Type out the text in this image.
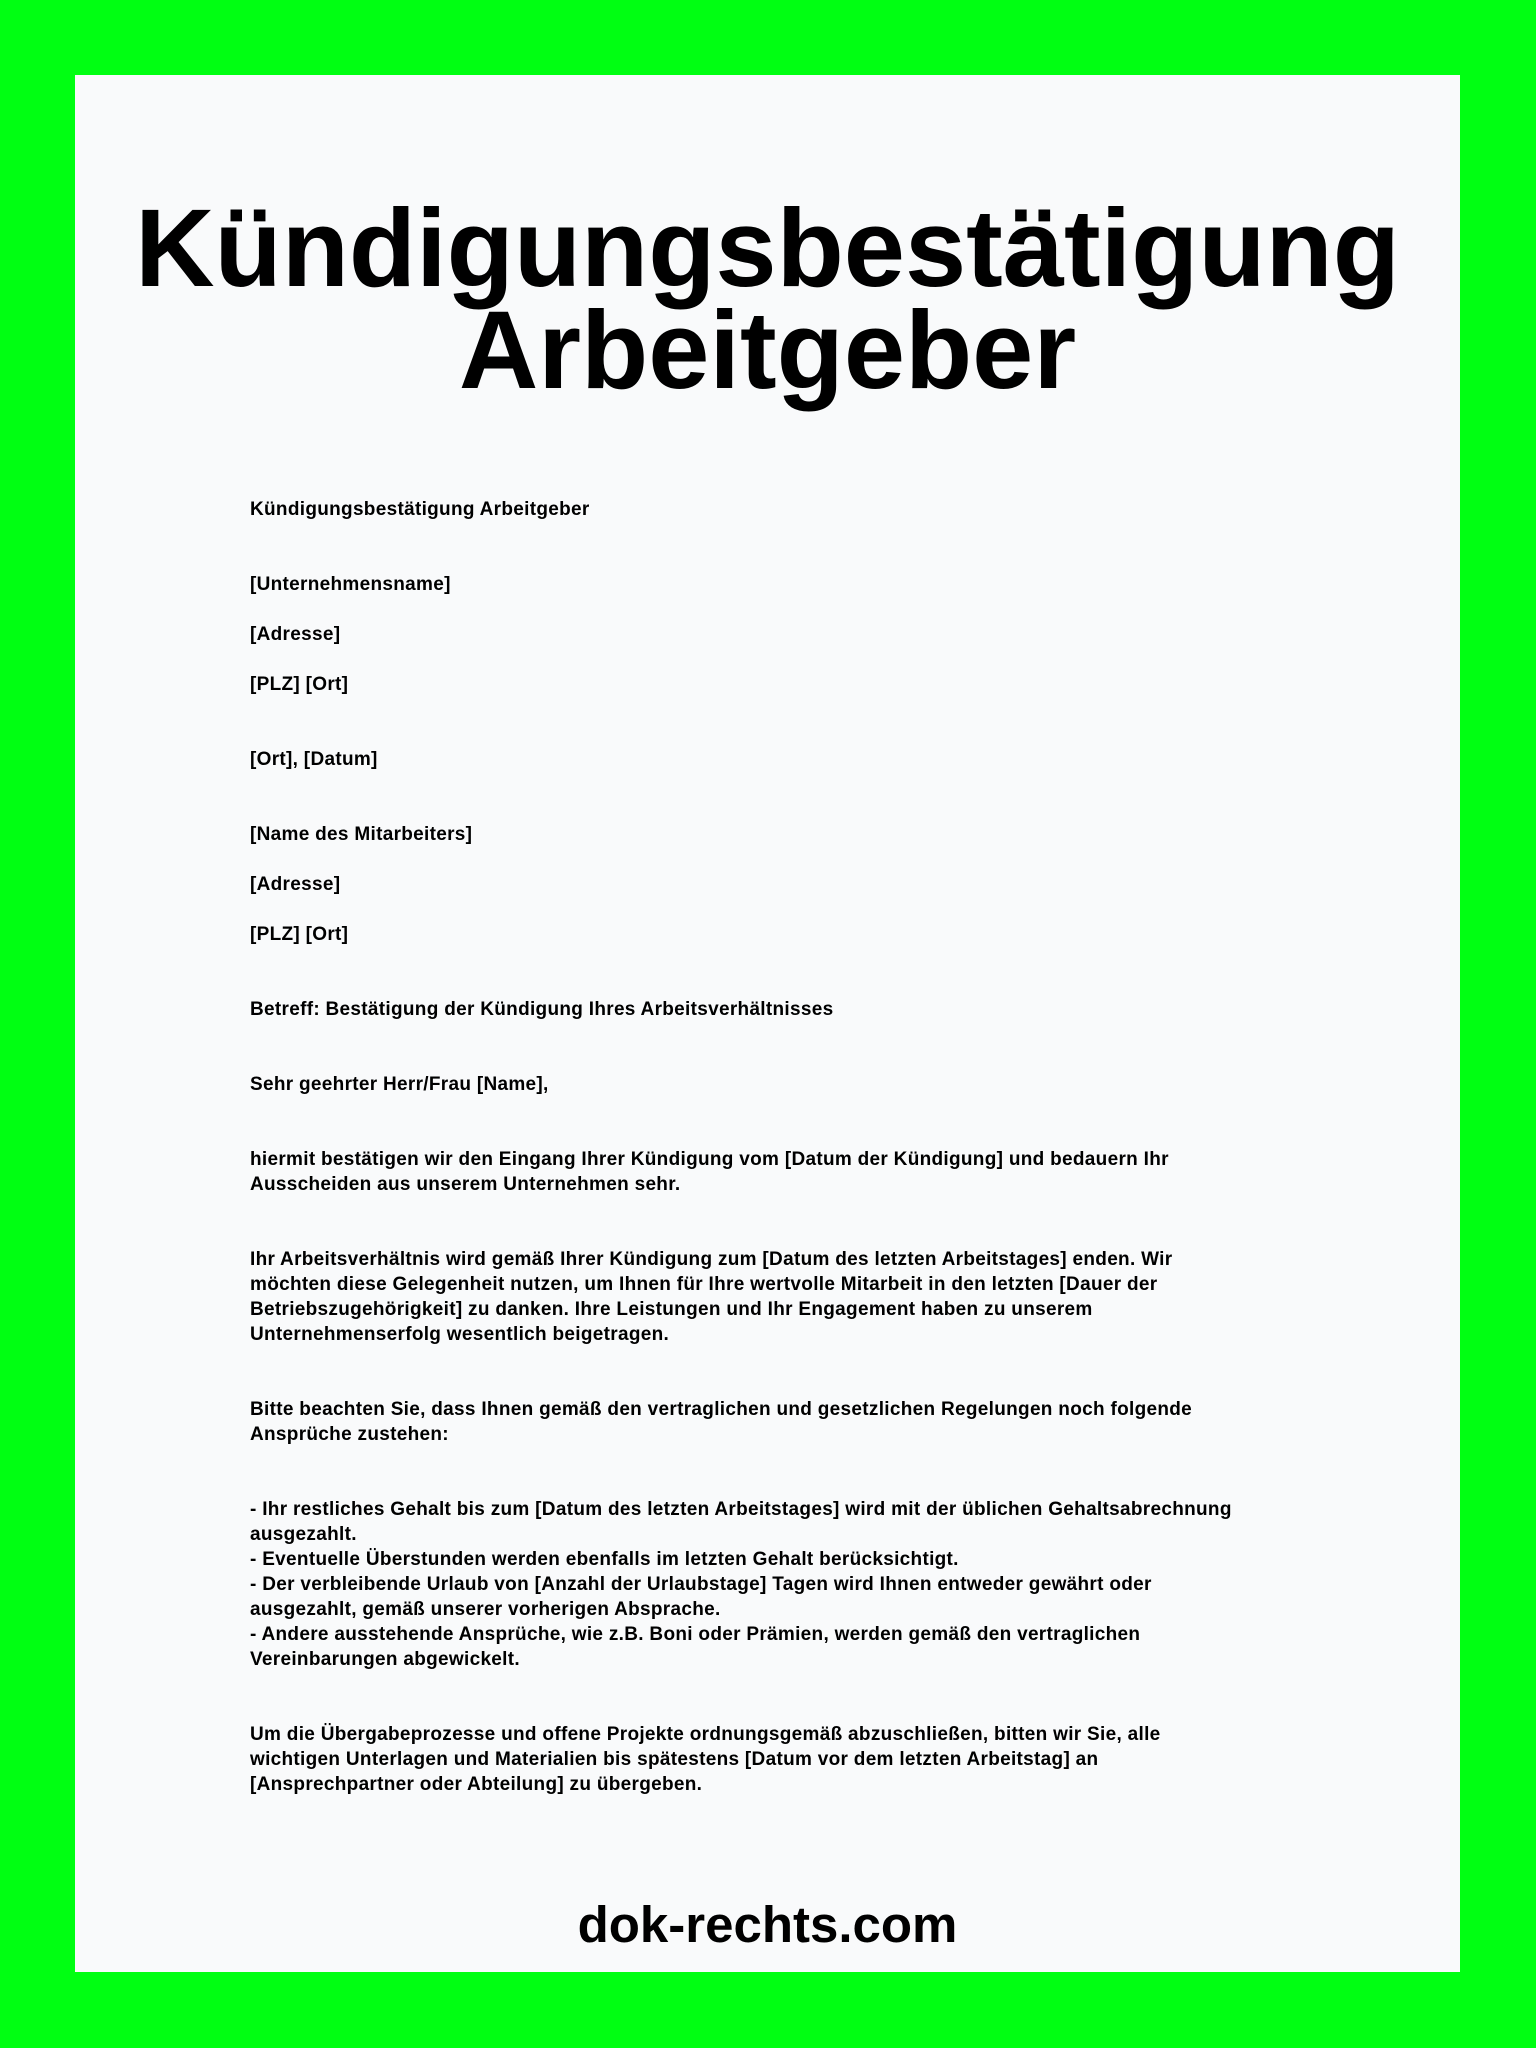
Kündigungsbestätigung
Arbeitgeber
Kündigungsbestätigung Arbeitgeber
[Unternehmensname]
[Adresse]
[PLZ] [Ort]
[Ort], [Datum]
[Name des Mitarbeiters]
[Adresse]
[PLZ] [Ort]
Betreff: Bestätigung der Kündigung Ihres Arbeitsverhältnisses
Sehr geehrter Herr/Frau [Name],
hiermit bestätigen wir den Eingang Ihrer Kündigung vom [Datum der Kündigung] und bedauern Ihr
Ausscheiden aus unserem Unternehmen sehr.
Ihr Arbeitsverhältnis wird gemäß Ihrer Kündigung zum [Datum des letzten Arbeitstages] enden. Wir
möchten diese Gelegenheit nutzen, um Ihnen für Ihre wertvolle Mitarbeit in den letzten [Dauer der
Betriebszugehörigkeit] zu danken. Ihre Leistungen und Ihr Engagement haben zu unserem
Unternehmenserfolg wesentlich beigetragen.
Bitte beachten Sie, dass Ihnen gemäß den vertraglichen und gesetzlichen Regelungen noch folgende
Ansprüche zustehen:
- Ihr restliches Gehalt bis zum [Datum des letzten Arbeitstages] wird mit der üblichen Gehaltsabrechnung
ausgezahlt.
- Eventuelle Überstunden werden ebenfalls im letzten Gehalt berücksichtigt.
- Der verbleibende Urlaub von [Anzahl der Urlaubstage] Tagen wird Ihnen entweder gewährt oder
ausgezahlt, gemäß unserer vorherigen Absprache.
- Andere ausstehende Ansprüche, wie z.B. Boni oder Prämien, werden gemäß den vertraglichen
Vereinbarungen abgewickelt.
Um die Übergabeprozesse und offene Projekte ordnungsgemäß abzuschließen, bitten wir Sie, alle
wichtigen Unterlagen und Materialien bis spätestens [Datum vor dem letzten Arbeitstag] an
[Ansprechpartner oder Abteilung] zu übergeben.
dok-rechts.com
